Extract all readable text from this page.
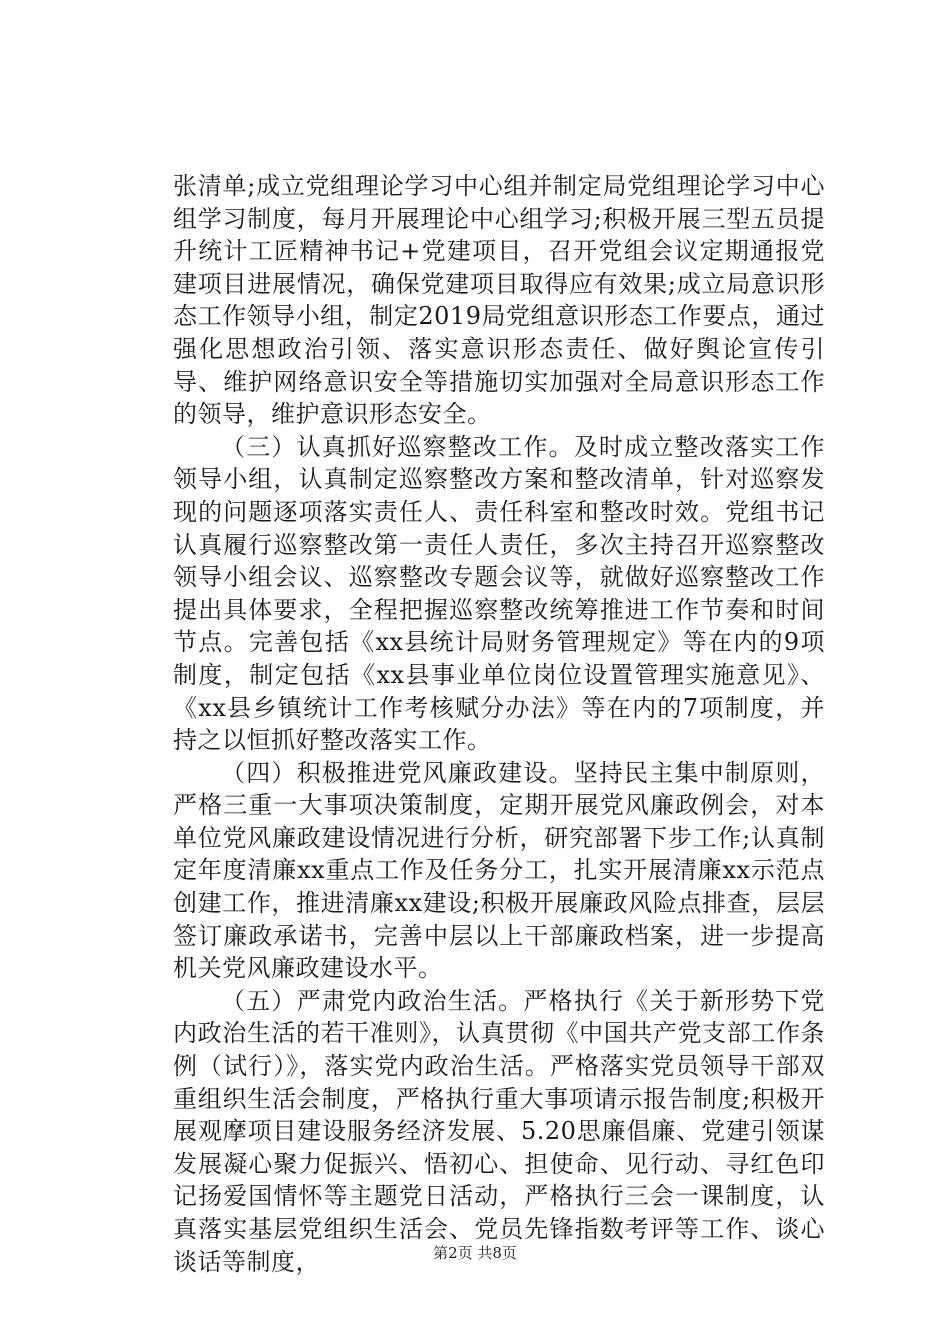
张清单;成立党组理论学习中心组并制定局党组理论学习中心组学习制度，每月开展理论中心组学习;积极开展三型五员提升统计工匠精神书记+党建项目，召开党组会议定期通报党建项目进展情况，确保党建项目取得应有效果;成立局意识形态工作领导小组，制定2019局党组意识形态工作要点，通过强化思想政治引领、落实意识形态责任、做好舆论宣传引导、维护网络意识安全等措施切实加强对全局意识形态工作的领导，维护意识形态安全。

（三）认真抓好巡察整改工作。及时成立整改落实工作领导小组，认真制定巡察整改方案和整改清单，针对巡察发现的问题逐项落实责任人、责任科室和整改时效。党组书记认真履行巡察整改第一责任人责任，多次主持召开巡察整改领导小组会议、巡察整改专题会议等，就做好巡察整改工作提出具体要求，全程把握巡察整改统筹推进工作节奏和时间节点。完善包括《xx县统计局财务管理规定》等在内的9项制度，制定包括《xx县事业单位岗位设置管理实施意见》、《xx县乡镇统计工作考核赋分办法》等在内的7项制度，并持之以恒抓好整改落实工作。

（四）积极推进党风廉政建设。坚持民主集中制原则，严格三重一大事项决策制度，定期开展党风廉政例会，对本单位党风廉政建设情况进行分析，研究部署下步工作;认真制定年度清廉xx重点工作及任务分工，扎实开展清廉xx示范点创建工作，推进清廉xx建设;积极开展廉政风险点排查，层层签订廉政承诺书，完善中层以上干部廉政档案，进一步提高机关党风廉政建设水平。

（五）严肃党内政治生活。严格执行《关于新形势下党内政治生活的若干准则》，认真贯彻《中国共产党支部工作条例（试行）》，落实党内政治生活。严格落实党员领导干部双重组织生活会制度，严格执行重大事项请示报告制度;积极开展观摩项目建设服务经济发展、5.20思廉倡廉、党建引领谋发展凝心聚力促振兴、悟初心、担使命、见行动、寻红色印记扬爱国情怀等主题党日活动，严格执行三会一课制度，认真落实基层党组织生活会、党员先锋指数考评等工作、谈心谈话等制度，	第2页 共8页
